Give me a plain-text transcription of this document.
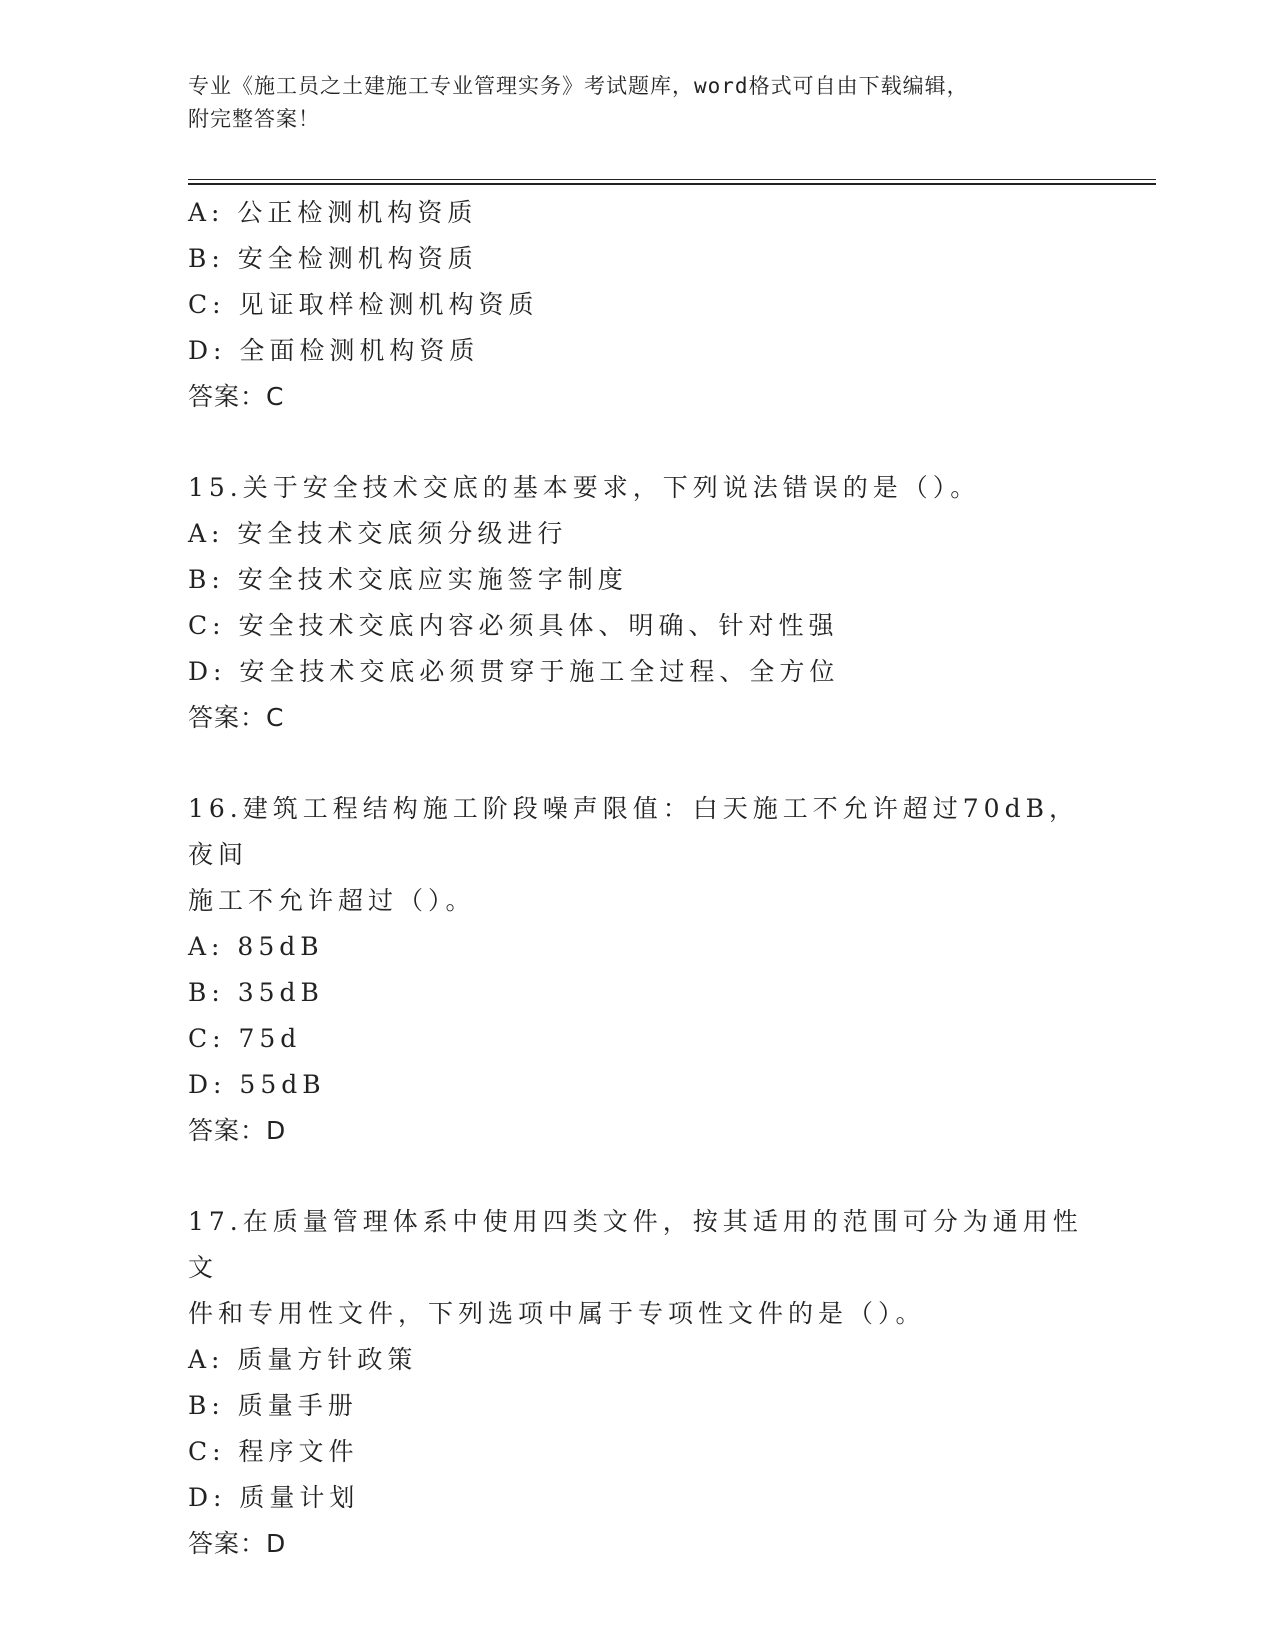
专业《施工员之土建施工专业管理实务》考试题库，word格式可自由下载编辑，
附完整答案！
A: 公正检测机构资质
B: 安全检测机构资质
C: 见证取样检测机构资质
D: 全面检测机构资质
答案：C
15.关于安全技术交底的基本要求，下列说法错误的是（）。
A: 安全技术交底须分级进行
B: 安全技术交底应实施签字制度
C: 安全技术交底内容必须具体、明确、针对性强
D: 安全技术交底必须贯穿于施工全过程、全方位
答案：C
16.建筑工程结构施工阶段噪声限值：白天施工不允许超过70dB，夜间
施工不允许超过（）。
A: 85dB
B: 35dB
C: 75d
D: 55dB
答案：D
17.在质量管理体系中使用四类文件，按其适用的范围可分为通用性文
件和专用性文件，下列选项中属于专项性文件的是（）。
A: 质量方针政策
B: 质量手册
C: 程序文件
D: 质量计划
答案：D
